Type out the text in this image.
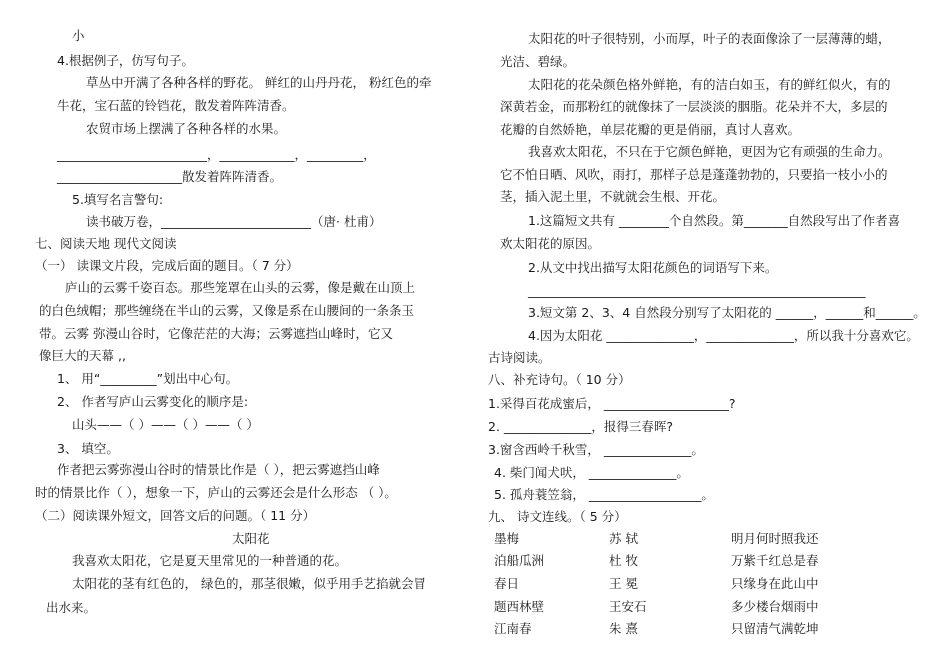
小
4.根据例子，仿写句子。
草丛中开满了各种各样的野花。 鲜红的山丹丹花， 粉红色的牵
牛花，宝石蓝的铃铛花，散发着阵阵清香。
农贸市场上摆满了各种各样的水果。
________________________，____________，_________，
____________________散发着阵阵清香。
5.填写名言警句:
读书破万卷，________________________（唐· 杜甫）
七、阅读天地 现代文阅读
（一） 读课文片段，完成后面的题目。（ 7 分）
庐山的云雾千姿百态。那些笼罩在山头的云雾，像是戴在山顶上
的白色绒帽；那些缠绕在半山的云雾，又像是系在山腰间的一条条玉
带。云雾 弥漫山谷时，它像茫茫的大海；云雾遮挡山峰时，它又
像巨大的天幕 ,,
1、 用“_________”划出中心句。
2、 作者写庐山云雾变化的顺序是:
山头——（ ）——（ ）——（ ）
3、 填空。
作者把云雾弥漫山谷时的情景比作是（ ），把云雾遮挡山峰
时的情景比作（ ），想象一下，庐山的云雾还会是什么形态 （ ）。
（二）阅读课外短文，回答文后的问题。（ 11 分）
太阳花
我喜欢太阳花，它是夏天里常见的一种普通的花。
太阳花的茎有红色的， 绿色的，那茎很嫩，似乎用手艺掐就会冒
出水来。
太阳花的叶子很特别，小而厚，叶子的表面像涂了一层薄薄的蜡，
光洁、碧绿。
太阳花的花朵颜色格外鲜艳，有的洁白如玉，有的鲜红似火，有的
深黄若金，而那粉红的就像抹了一层淡淡的胭脂。花朵并不大，多层的
花瓣的自然娇艳，单层花瓣的更是俏丽，真讨人喜欢。
我喜欢太阳花，不只在于它颜色鲜艳，更因为它有顽强的生命力。
它不怕日晒、风吹，雨打，那样子总是蓬蓬勃勃的，只要掐一枝小小的
茎，插入泥土里，不就就会生根、开花。
1.这篇短文共有 ________个自然段。第_______自然段写出了作者喜
欢太阳花的原因。
2.从文中找出描写太阳花颜色的词语写下来。
______________________________________________________
3.短文第 2、3、4 自然段分别写了太阳花的 ______，______和______。
4.因为太阳花 ______________，______________，所以我十分喜欢它。
古诗阅读。
八、补充诗句。（ 10 分）
1.采得百花成蜜后， ____________________?
2. ______________，报得三春晖?
3.窗含西岭千秋雪， ______________。
4. 柴门闻犬吠， ______________。
5. 孤舟蓑笠翁， __________________。
九、 诗文连线。（ 5 分）
墨梅	苏 轼	明月何时照我还
泊船瓜洲	杜 牧	万紫千红总是春
春日	王 冕	只缘身在此山中
题西林壁	王安石	多少楼台烟雨中
江南春	朱 熹	只留清气满乾坤
